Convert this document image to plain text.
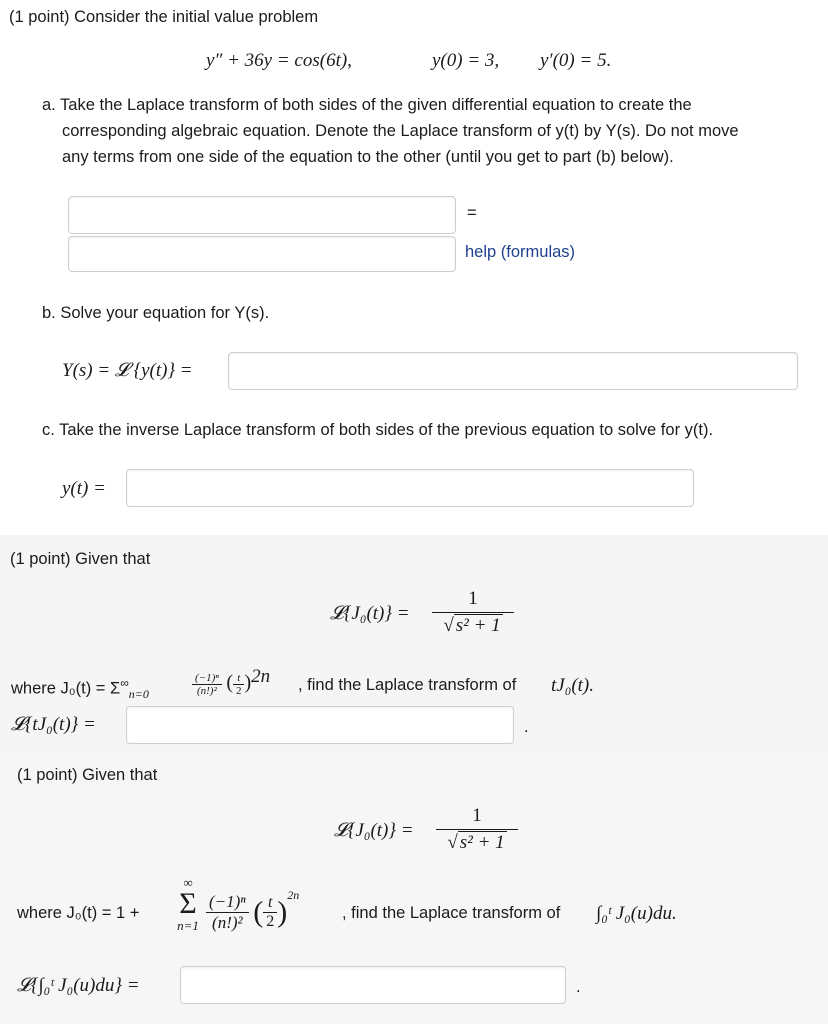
(1 point) Consider the initial value problem
y″ + 36y = cos(6t),	y(0) = 3, y′(0) = 5.
a. Take the Laplace transform of both sides of the given differential equation to create the
corresponding algebraic equation. Denote the Laplace transform of y(t) by Y(s). Do not move
any terms from one side of the equation to the other (until you get to part (b) below).
=
help (formulas)
b. Solve your equation for Y(s).
Y(s) = 𝓛 {y(t)} =
c. Take the inverse Laplace transform of both sides of the previous equation to solve for y(t).
y(t) =
(1 point) Given that
𝓛{J₀(t)} =
1
√ s² + 1
where $J_0(t) = \Sigma^\infty_{n=0}$	$\frac{\text{(−1)ⁿ}}{\text{(n!)²}}$ ( $\frac{t}{2} )^{2n}$ , find the Laplace transform of tJ₀(t).
𝓛{tJ₀(t)} =	.
(1 point) Given that
𝓛{J₀(t)} =
1
√ s² + 1
where J₀(t) = 1 +
∞
Σ
$n=1 \frac{\text{(−1)ⁿ}}{\text{(n!)²}}$ ( $\frac{t}{2} )^{2n}$
, find the Laplace transform of ∫₀ᵗ J₀(u)du.
𝓛{∫₀ᵗ J₀(u)du} =	.
